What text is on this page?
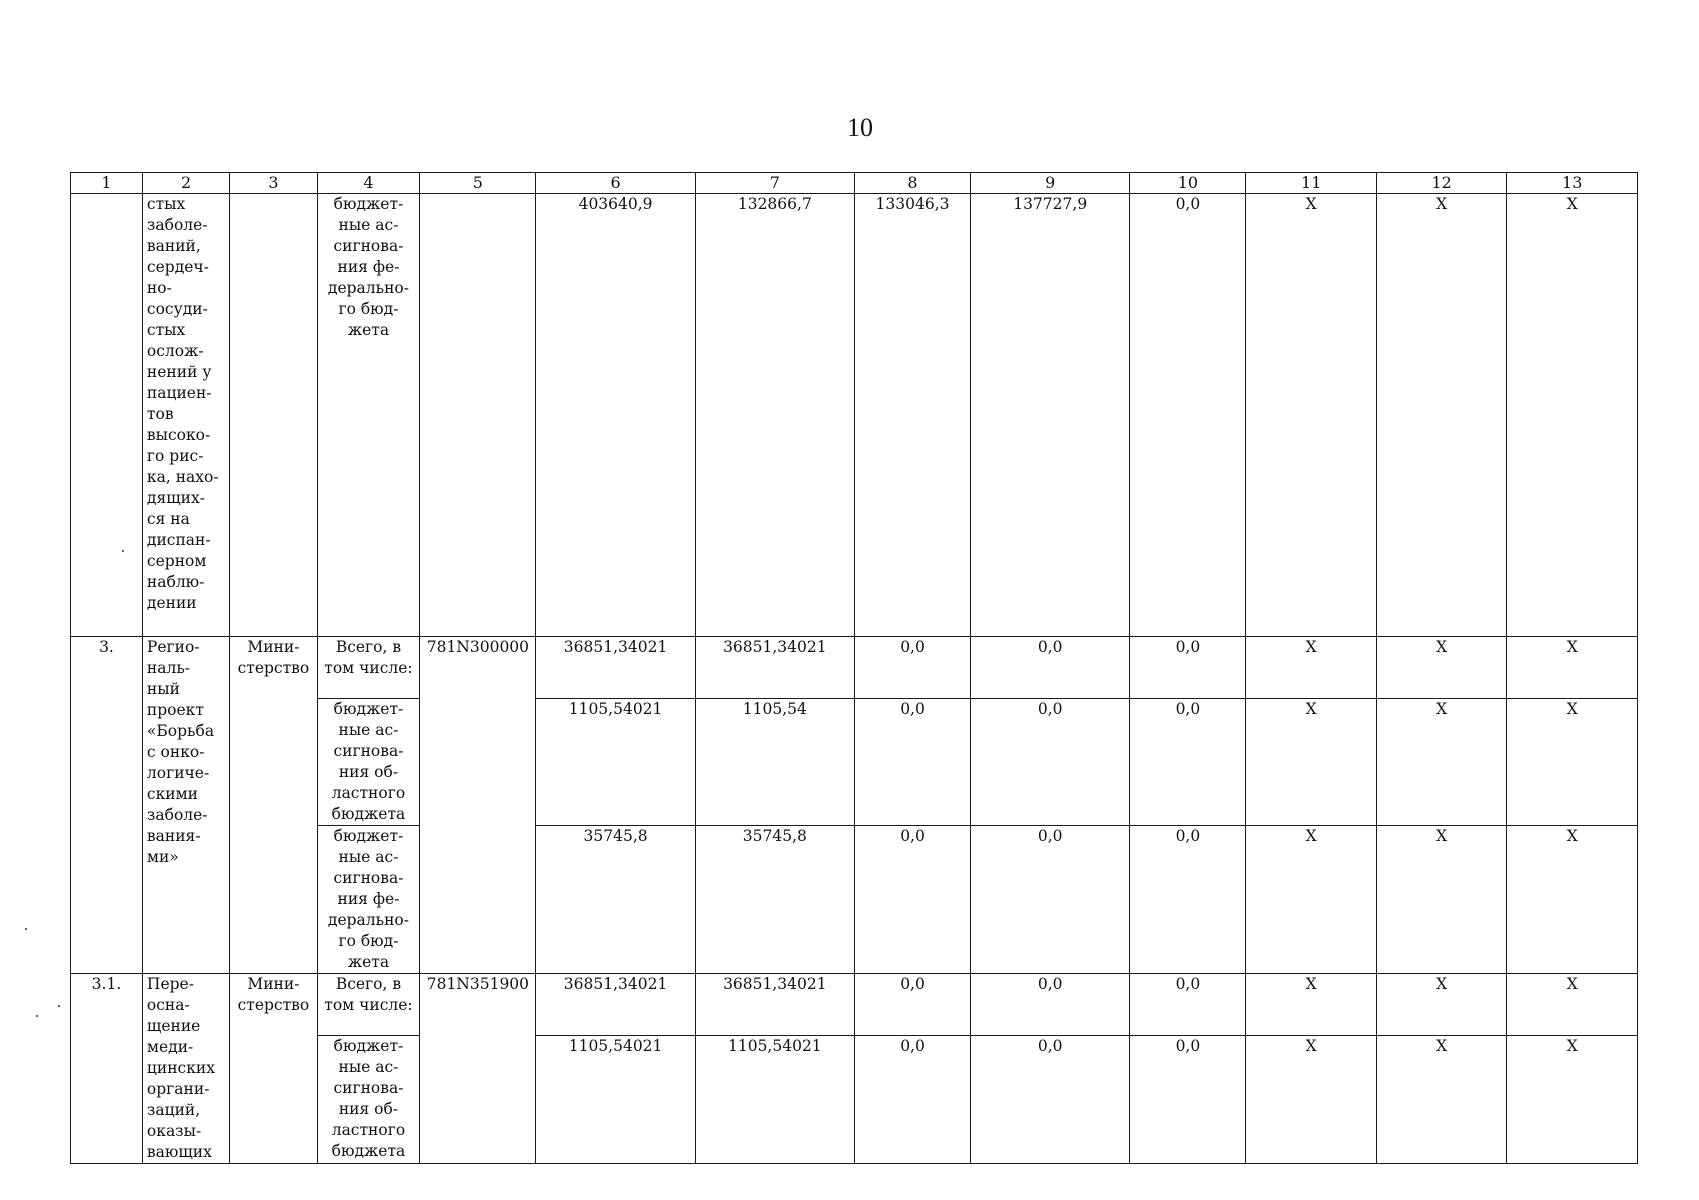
10
1	2	3	4	5	6	7	8	9	10	11	12	13
	стых заболе- ваний, сердеч- но- сосуди- стых ослож- нений у пациен- тов высоко- го рис- ка, нахо- дящих- ся на диспан- серном наблю- дении		бюджет- ные ас- сигнова- ния фе- дерально- го бюд- жета		403640,9	132866,7	133046,3	137727,9	0,0	X	X	X
3.	Регио- наль- ный проект «Борьба с онко- логиче- скими заболе- вания- ми»	Мини- стерство	Всего, в том числе:	781N300000	36851,34021	36851,34021	0,0	0,0	0,0	X	X	X
			бюджет- ные ас- сигнова- ния об- ластного бюджета		1105,54021	1105,54	0,0	0,0	0,0	X	X	X
			бюджет- ные ас- сигнова- ния фе- дерально- го бюд- жета		35745,8	35745,8	0,0	0,0	0,0	X	X	X
3.1.	Пере- осна- щение меди- цинских органи- заций, оказы- вающих	Мини- стерство	Всего, в том числе:	781N351900	36851,34021	36851,34021	0,0	0,0	0,0	X	X	X
			бюджет- ные ас- сигнова- ния об- ластного бюджета		1105,54021	1105,54021	0,0	0,0	0,0	X	X	X
